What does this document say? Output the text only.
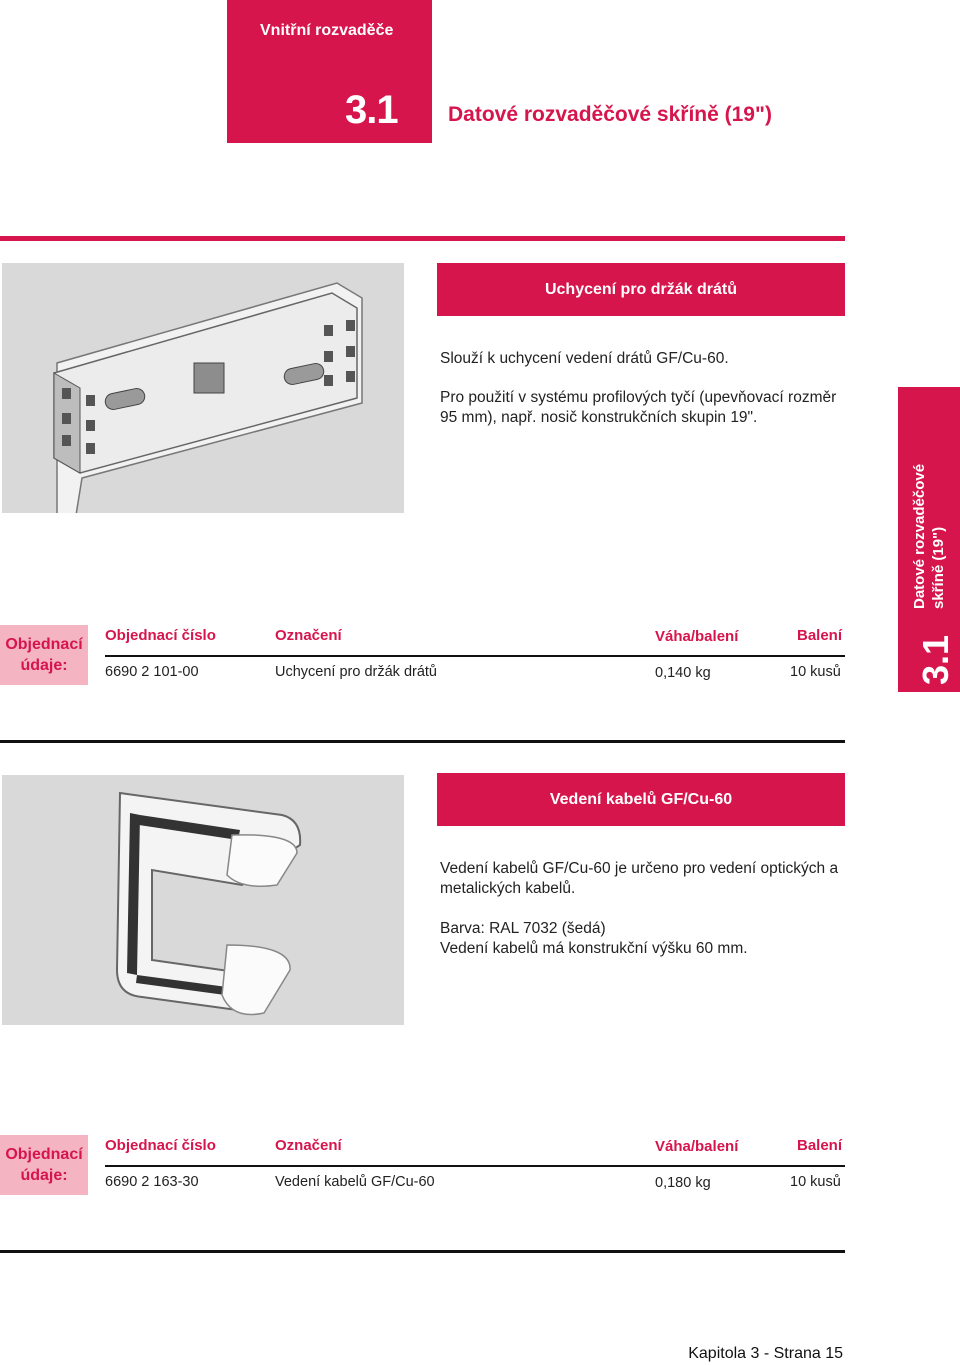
Vnitřní rozvaděče
3.1 Datové rozvaděčové skříně (19")
Uchycení pro držák drátů

Slouží k uchycení vedení drátů GF/Cu-60.

Pro použití v systému profilových tyčí (upevňovací rozměr 95 mm), např. nosič konstrukčních skupin 19".

Objednací
údaje:
Objednací číslo	Označení	Váha/balení	Balení
6690 2 101-00	Uchycení pro držák drátů	0,140 kg	10 kusů
Vedení kabelů GF/Cu-60

Vedení kabelů GF/Cu-60 je určeno pro vedení optických a metalických kabelů.

Barva: RAL 7032 (šedá)

Vedení kabelů má konstrukční výšku 60 mm.

Objednací
údaje:
Objednací číslo	Označení	Váha/balení	Balení
6690 2 163-30	Vedení kabelů GF/Cu-60	0,180 kg	10 kusů
3.1
Datové rozvaděčové skříně (19")
Kapitola 3 - Strana 15
